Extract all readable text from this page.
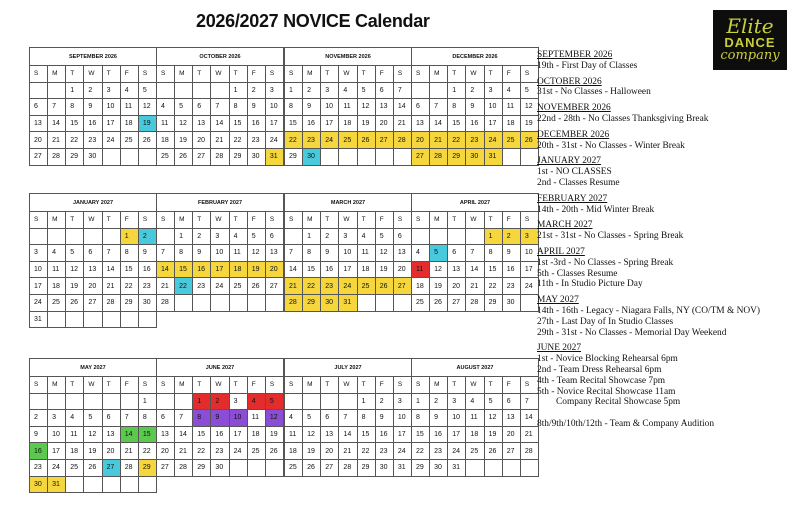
2026/2027 NOVICE Calendar	Elite
DANCE
company
SEPTEMBER 2026
S	M	T	W	T	F	S
		1	2	3	4	5
6	7	8	9	10	11	12
13	14	15	16	17	18	19
20	21	22	23	24	25	26
27	28	29	30			
OCTOBER 2026
S	M	T	W	T	F	S
				1	2	3
4	5	6	7	8	9	10
11	12	13	14	15	16	17
18	19	20	21	22	23	24
25	26	27	28	29	30	31
NOVEMBER 2026
S	M	T	W	T	F	S
1	2	3	4	5	6	7
8	9	10	11	12	13	14
15	16	17	18	19	20	21
22	23	24	25	26	27	28
29	30					
DECEMBER 2026
S	M	T	W	T	F	S
		1	2	3	4	5
6	7	8	9	10	11	12
13	14	15	16	17	18	19
20	21	22	23	24	25	26
27	28	29	30	31		
JANUARY 2027
S	M	T	W	T	F	S
					1	2
3	4	5	6	7	8	9
10	11	12	13	14	15	16
17	18	19	20	21	22	23
24	25	26	27	28	29	30
31						
FEBRUARY 2027
S	M	T	W	T	F	S
	1	2	3	4	5	6
7	8	9	10	11	12	13
14	15	16	17	18	19	20
21	22	23	24	25	26	27
28						
MARCH 2027
S	M	T	W	T	F	S
	1	2	3	4	5	6
7	8	9	10	11	12	13
14	15	16	17	18	19	20
21	22	23	24	25	26	27
28	29	30	31			
APRIL 2027
S	M	T	W	T	F	S
				1	2	3
4	5	6	7	8	9	10
11	12	13	14	15	16	17
18	19	20	21	22	23	24
25	26	27	28	29	30	
MAY 2027
S	M	T	W	T	F	S
						1
2	3	4	5	6	7	8
9	10	11	12	13	14	15
16	17	18	19	20	21	22
23	24	25	26	27	28	29
30	31					
JUNE 2027
S	M	T	W	T	F	S
		1	2	3	4	5
6	7	8	9	10	11	12
13	14	15	16	17	18	19
20	21	22	23	24	25	26
27	28	29	30			
JULY 2027
S	M	T	W	T	F	S
				1	2	3
4	5	6	7	8	9	10
11	12	13	14	15	16	17
18	19	20	21	22	23	24
25	26	27	28	29	30	31
AUGUST 2027
S	M	T	W	T	F	S
1	2	3	4	5	6	7
8	9	10	11	12	13	14
15	16	17	18	19	20	21
22	23	24	25	26	27	28
29	30	31				
SEPTEMBER 2026
19th - First Day of Classes
OCTOBER 2026
31st - No Classes - Halloween
NOVEMBER 2026
22nd - 28th - No Classes Thanksgiving Break
DECEMBER 2026
20th - 31st - No Classes - Winter Break
JANUARY 2027
1st - NO CLASSES
2nd - Classes Resume
FEBRUARY 2027
14th - 20th - Mid Winter Break
MARCH 2027
21st - 31st - No Classes - Spring Break
APRIL 2027
1st -3rd - No Classes - Spring Break
5th - Classes Resume
11th - In Studio Picture Day
MAY 2027
14th - 16th - Legacy - Niagara Falls, NY (CO/TM & NOV)
27th - Last Day of In Studio Classes
29th - 31st - No Classes - Memorial Day Weekend
JUNE 2027
1st - Novice Blocking Rehearsal 6pm
2nd - Team Dress Rehearsal 6pm
4th - Team Recital Showcase 7pm
5th - Novice Recital Showcase 11am
Company Recital Showcase 5pm

8th/9th/10th/12th - Team & Company Audition
